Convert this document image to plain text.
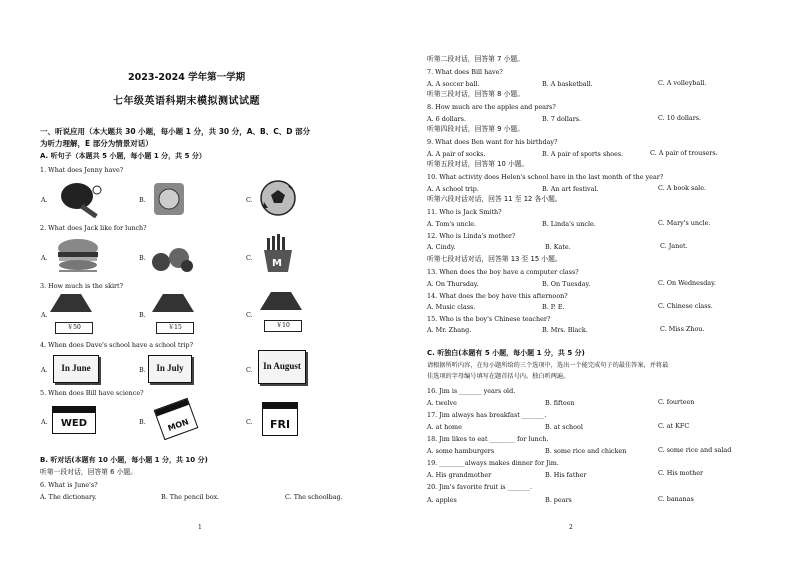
2023-2024 学年第一学期
七年级英语科期末模拟测试试题
一、听说应用（本大题共 30 小题，每小题 1 分，共 30 分，A、B、C、D 部分
为听力理解，E 部分为情景对话）
A. 听句子（本题共 5 小题，每小题 1 分，共 5 分）
1. What does Jenny have?
A.	B.	C.
2. What does Jack like for lunch?
A.	B.	C. M
3. How much is the skirt?
A.
￥50
B.
￥15
C.
￥10
4. When does Dave's school have a school trip?
A.	In June	B.	In July	C.	In August
5. When does Bill have science?
A.	WED	B.	MON	C.	FRI
B. 听对话(本题有 10 小题，每小题 1 分，共 10 分)
听第一段对话，回答第 6 小题。
6. What is June's?
A. The dictionary.	B. The pencil box.	C. The schoolbag.
1
听第二段对话，回答第 7 小题。
7. What does Bill have?
A. A soccer ball.	B. A basketball.	C. A volleyball.
听第三段对话，回答第 8 小题。
8. How much are the apples and pears?
A. 6 dollars.	B. 7 dollars.	C. 10 dollars.
听第四段对话，回答第 9 小题。
9. What does Ben want for his birthday?
A. A pair of socks.	B. A pair of sports shoes.	C. A pair of trousers.
听第五段对话，回答第 10 小题。
10. What activity does Helen's school have in the last month of the year?
A. A school trip.	B. An art festival.	C. A book sale.
听第六段对话对话，回答 11 至 12 各小题。
11. Who is Jack Smith?
A. Tom's uncle.	B. Linda's uncle.	C. Mary's uncle.
12. Who is Linda's mother?
A. Cindy.	B. Kate.	C. Janet.
听第七段对话对话，回答第 13 至 15 小题。
13. When does the boy have a computer class?
A. On Thursday.	B. On Tuesday.	C. On Wednesday.
14. What does the boy have this afternoon?
A. Music class.	B. P. E.	C. Chinese class.
15. Who is the boy's Chinese teacher?
A. Mr. Zhang.	B. Mrs. Black.	C. Miss Zhou.
C. 听独白(本题有 5 小题，每小题 1 分，共 5 分)
请根据所听内容，在每小题所给的三个选项中，选出一个能完成句子的最佳答案，并将最
佳选项的字母编号填写在题首括号内。独白听两遍。
16. Jim is _______ years old.
A. twelve	B. fifteen	C. fourteen
17. Jim always has breakfast _______.
A. at home	B. at school	C. at KFC
18. Jim likes to eat ________ for lunch.
A. some hamburgers	B. some rice and chicken	C. some rice and salad
19. ________always makes dinner for Jim.
A. His grandmother	B. His father	C. His mother
20. Jim's favorite fruit is _______.
A. apples	B. pears	C. bananas
2
